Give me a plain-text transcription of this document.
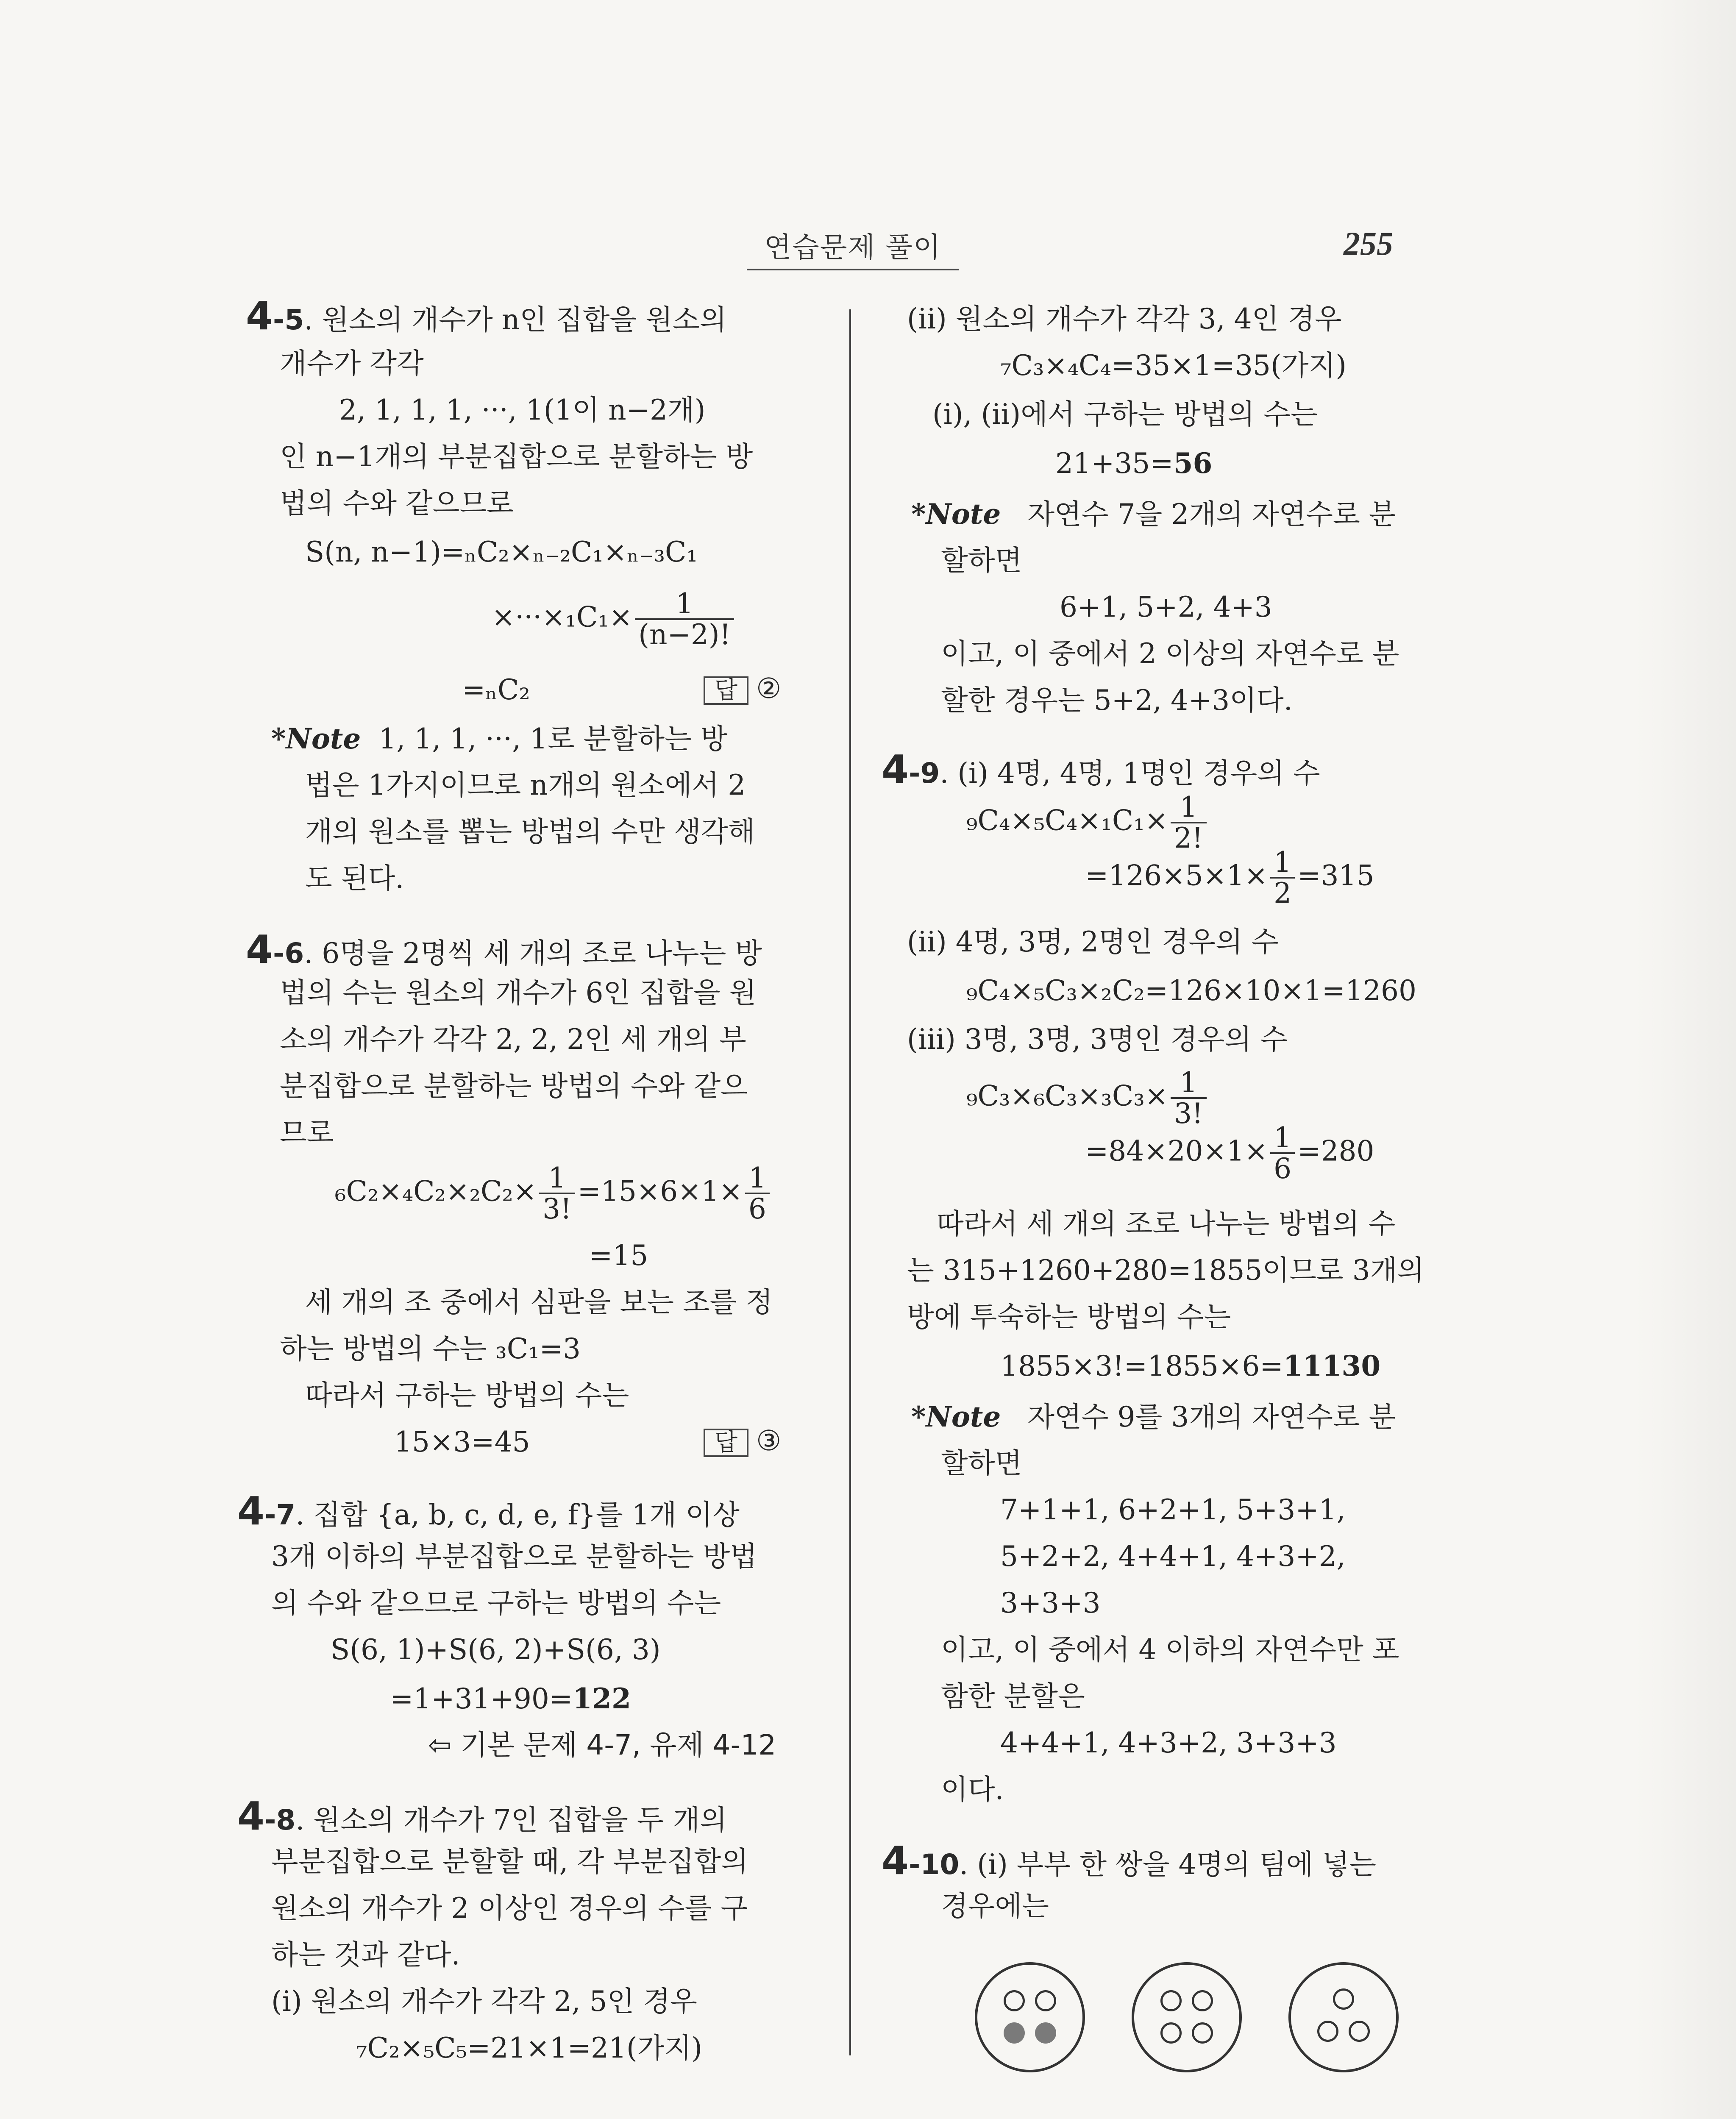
연습문제 풀이	255
4-5. 원소의 개수가 n인 집합을 원소의
개수가 각각
2, 1, 1, 1, ···, 1(1이 n−2개)
인 n−1개의 부분집합으로 분할하는 방
법의 수와 같으므로
S(n, n−1)=ₙC₂×ₙ₋₂C₁×ₙ₋₃C₁
$\times\cdot\cdot\cdot\times_1C_1\times \frac{1}{(n-2)!}$
=ₙC₂	답 ②
*Note 1, 1, 1, ···, 1로 분할하는 방
법은 1가지이므로 n개의 원소에서 2
개의 원소를 뽑는 방법의 수만 생각해
도 된다.
4-6. 6명을 2명씩 세 개의 조로 나누는 방
법의 수는 원소의 개수가 6인 집합을 원
소의 개수가 각각 2, 2, 2인 세 개의 부
분집합으로 분할하는 방법의 수와 같으
므로
$_6C_2\times_4C_2\times_2C_2\times \frac{1}{3!} =15\times 6\times 1\times \frac{1}{6}$
=15
세 개의 조 중에서 심판을 보는 조를 정
하는 방법의 수는 ₃C₁=3
따라서 구하는 방법의 수는
15×3=45	답 ③
4-7. 집합 {a, b, c, d, e, f}를 1개 이상
3개 이하의 부분집합으로 분할하는 방법
의 수와 같으므로 구하는 방법의 수는
S(6, 1)+S(6, 2)+S(6, 3)
=1+31+90=122
⇦ 기본 문제 4-7, 유제 4-12
4-8. 원소의 개수가 7인 집합을 두 개의
부분집합으로 분할할 때, 각 부분집합의
원소의 개수가 2 이상인 경우의 수를 구
하는 것과 같다.
(i) 원소의 개수가 각각 2, 5인 경우
₇C₂×₅C₅=21×1=21(가지)
(ii) 원소의 개수가 각각 3, 4인 경우
₇C₃×₄C₄=35×1=35(가지)
(i), (ii)에서 구하는 방법의 수는
21+35=56
*Note 자연수 7을 2개의 자연수로 분
할하면
6+1, 5+2, 4+3
이고, 이 중에서 2 이상의 자연수로 분
할한 경우는 5+2, 4+3이다.
4-9. (i) 4명, 4명, 1명인 경우의 수
$_9C_4\times_5C_4\times_1C_1\times \frac{1}{2!}$
$=126\times 5\times 1\times \frac{1}{2} =315$
(ii) 4명, 3명, 2명인 경우의 수
₉C₄×₅C₃×₂C₂=126×10×1=1260
(iii) 3명, 3명, 3명인 경우의 수
$_9C_3\times_6C_3\times_3C_3\times \frac{1}{3!}$
$=84\times 20\times 1\times \frac{1}{6} =280$
따라서 세 개의 조로 나누는 방법의 수
는 315+1260+280=1855이므로 3개의
방에 투숙하는 방법의 수는
1855×3!=1855×6=11130
*Note 자연수 9를 3개의 자연수로 분
할하면
7+1+1, 6+2+1, 5+3+1,
5+2+2, 4+4+1, 4+3+2,
3+3+3
이고, 이 중에서 4 이하의 자연수만 포
함한 분할은
4+4+1, 4+3+2, 3+3+3
이다.
4-10. (i) 부부 한 쌍을 4명의 팀에 넣는
경우에는
